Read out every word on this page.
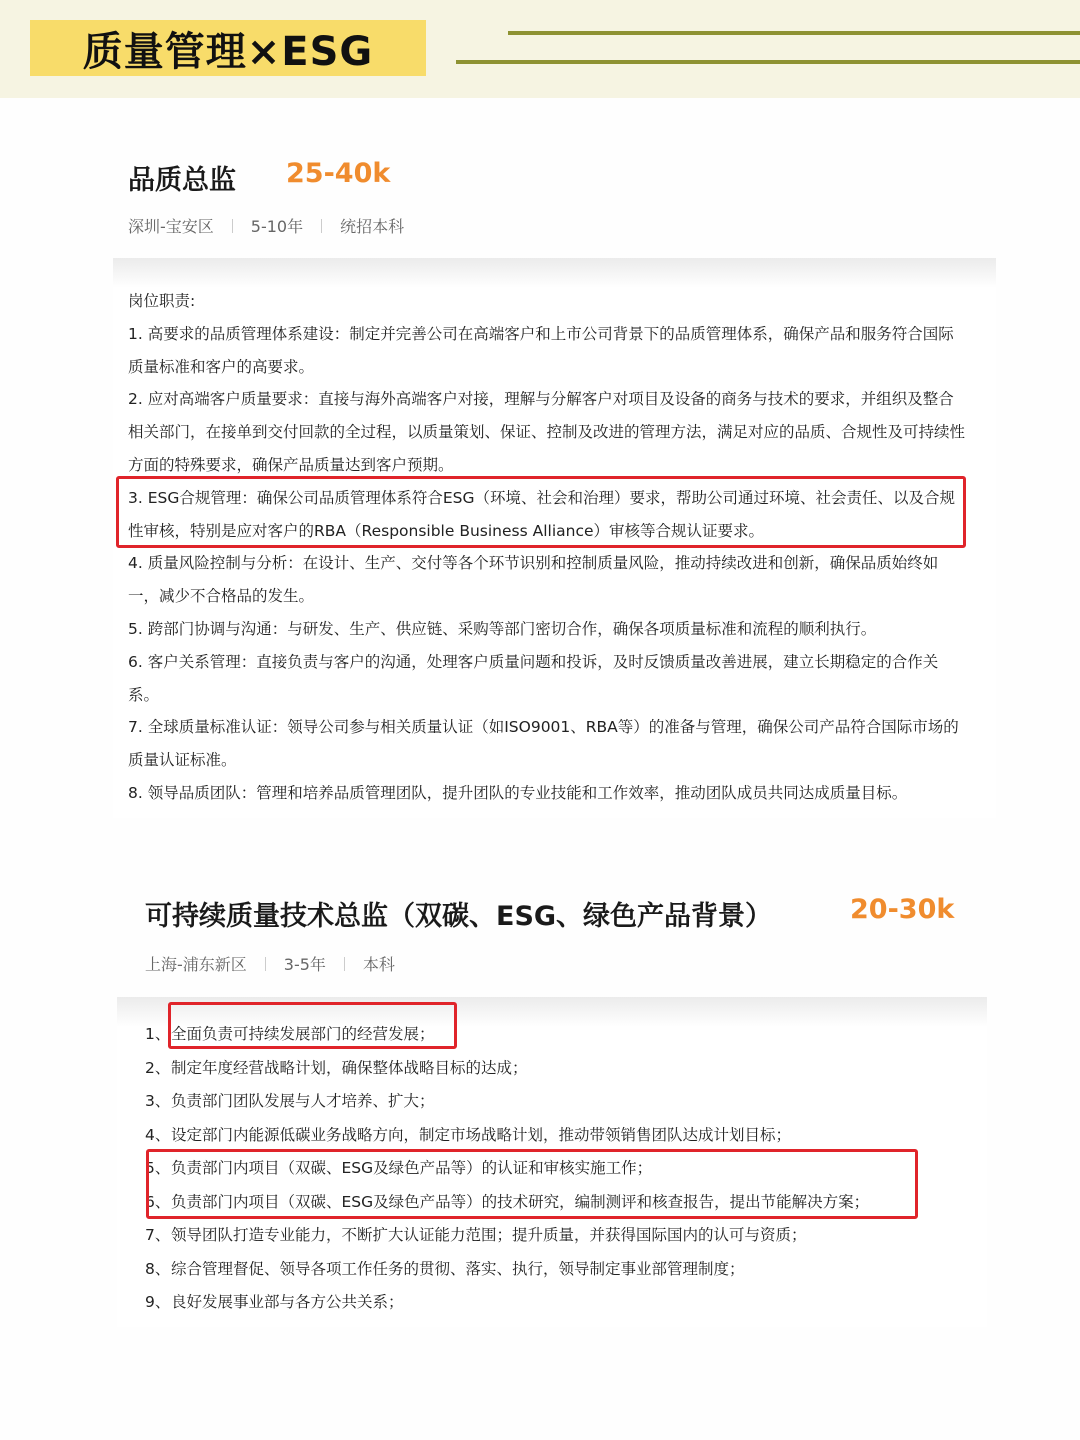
质量管理×ESG
品质总监 25-40k
深圳-宝安区 5-10年 统招本科
岗位职责:
1. 高要求的品质管理体系建设：制定并完善公司在高端客户和上市公司背景下的品质管理体系，确保产品和服务符合国际质量标准和客户的高要求。
2. 应对高端客户质量要求：直接与海外高端客户对接，理解与分解客户对项目及设备的商务与技术的要求，并组织及整合相关部门，在接单到交付回款的全过程，以质量策划、保证、控制及改进的管理方法，满足对应的品质、合规性及可持续性方面的特殊要求，确保产品质量达到客户预期。
3. ESG合规管理：确保公司品质管理体系符合ESG（环境、社会和治理）要求，帮助公司通过环境、社会责任、以及合规性审核，特别是应对客户的RBA（Responsible Business Alliance）审核等合规认证要求。
4. 质量风险控制与分析：在设计、生产、交付等各个环节识别和控制质量风险，推动持续改进和创新，确保品质始终如一，减少不合格品的发生。
5. 跨部门协调与沟通：与研发、生产、供应链、采购等部门密切合作，确保各项质量标准和流程的顺利执行。
6. 客户关系管理：直接负责与客户的沟通，处理客户质量问题和投诉，及时反馈质量改善进展，建立长期稳定的合作关系。
7. 全球质量标准认证：领导公司参与相关质量认证（如ISO9001、RBA等）的准备与管理，确保公司产品符合国际市场的质量认证标准。
8. 领导品质团队：管理和培养品质管理团队，提升团队的专业技能和工作效率，推动团队成员共同达成质量目标。
可持续质量技术总监（双碳、ESG、绿色产品背景）	20-30k
上海-浦东新区 3-5年 本科
1、 全面负责可持续发展部门的经营发展；
2、 制定年度经营战略计划，确保整体战略目标的达成；
3、 负责部门团队发展与人才培养、扩大；
4、 设定部门内能源低碳业务战略方向，制定市场战略计划，推动带领销售团队达成计划目标；
5、 负责部门内项目（双碳、ESG及绿色产品等）的认证和审核实施工作；
6、 负责部门内项目（双碳、ESG及绿色产品等）的技术研究，编制测评和核查报告，提出节能解决方案；
7、 领导团队打造专业能力，不断扩大认证能力范围；提升质量，并获得国际国内的认可与资质；
8、 综合管理督促、领导各项工作任务的贯彻、落实、执行，领导制定事业部管理制度；
9、 良好发展事业部与各方公共关系；
